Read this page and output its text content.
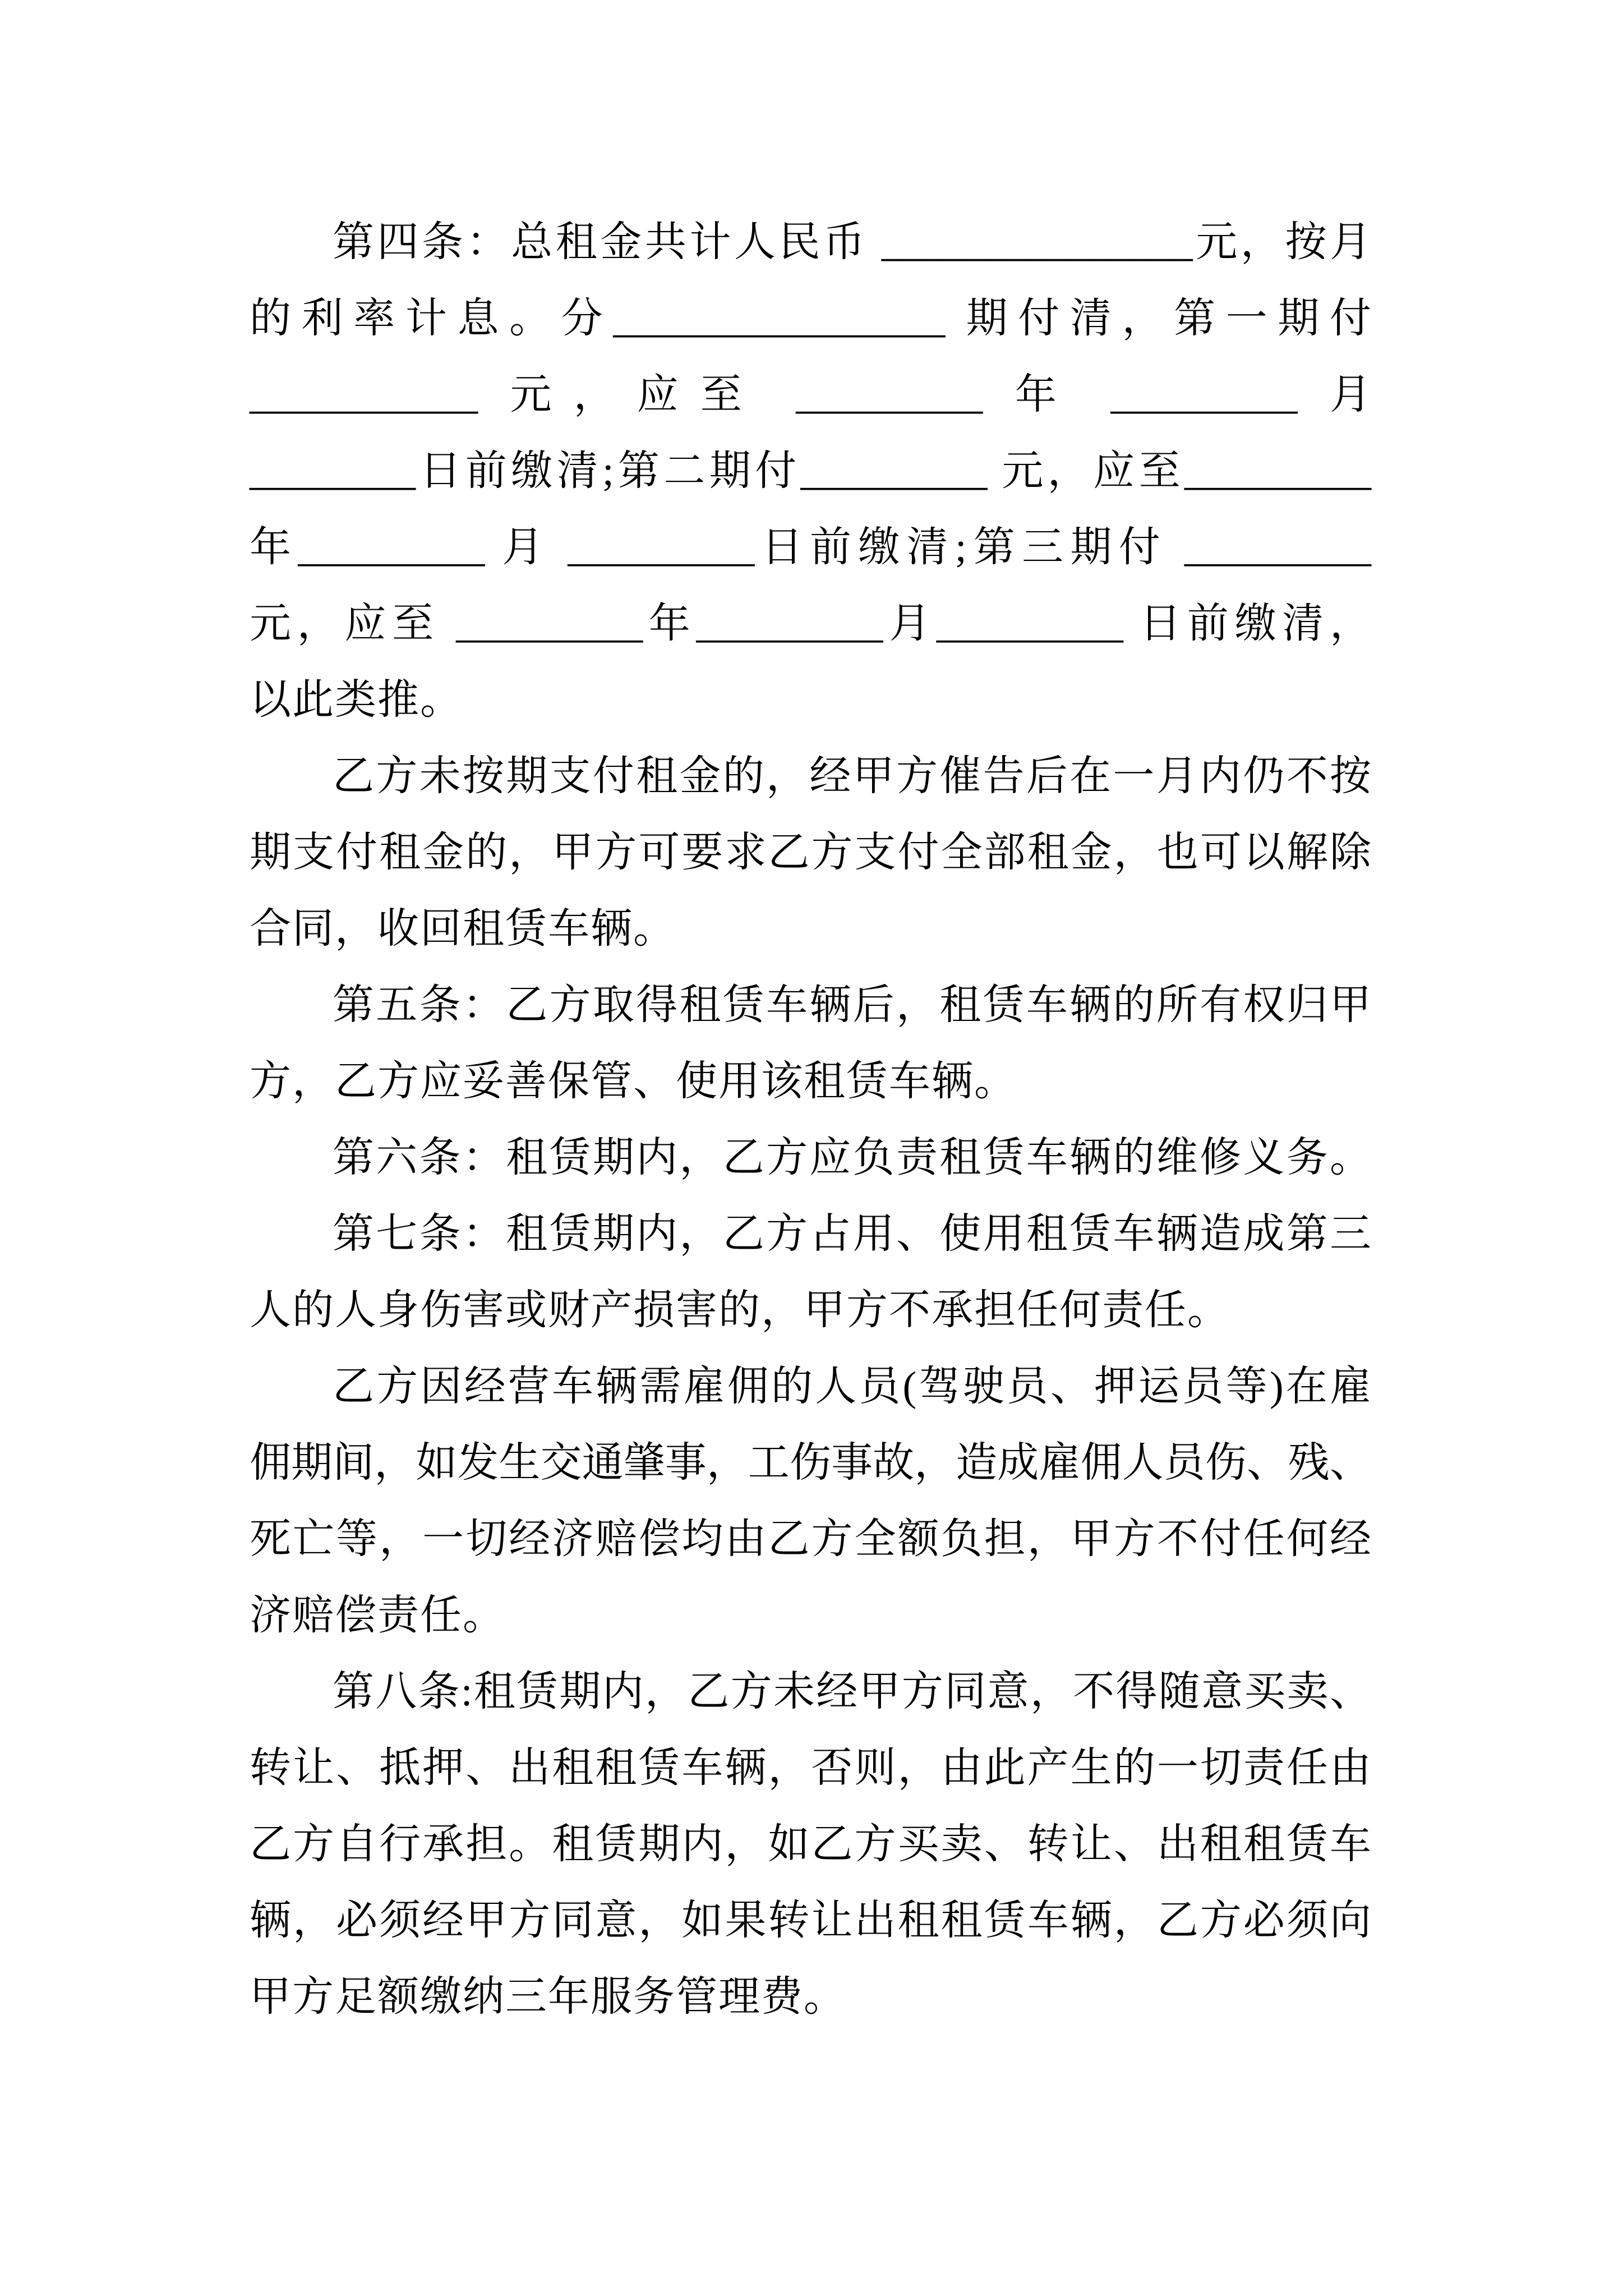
第四条：总租金共计人民币 _______________元，按月
的利率计息。分________________ 期付清，第一期付
___________ 元，应至 _________ 年 _________ 月
________日前缴清;第二期付_________ 元，应至_________
年_________ 月 _________日前缴清;第三期付 _________
元，应至 _________年_________月_________ 日前缴清，
以此类推。
乙方未按期支付租金的，经甲方催告后在一月内仍不按
期支付租金的，甲方可要求乙方支付全部租金，也可以解除
合同，收回租赁车辆。
第五条：乙方取得租赁车辆后，租赁车辆的所有权归甲
方，乙方应妥善保管、使用该租赁车辆。
第六条：租赁期内，乙方应负责租赁车辆的维修义务。
第七条：租赁期内，乙方占用、使用租赁车辆造成第三
人的人身伤害或财产损害的，甲方不承担任何责任。
乙方因经营车辆需雇佣的人员(驾驶员、押运员等)在雇
佣期间，如发生交通肇事，工伤事故，造成雇佣人员伤、残、
死亡等，一切经济赔偿均由乙方全额负担，甲方不付任何经
济赔偿责任。
第八条:租赁期内，乙方未经甲方同意，不得随意买卖、
转让、抵押、出租租赁车辆，否则，由此产生的一切责任由
乙方自行承担。租赁期内，如乙方买卖、转让、出租租赁车
辆，必须经甲方同意，如果转让出租租赁车辆，乙方必须向
甲方足额缴纳三年服务管理费。
